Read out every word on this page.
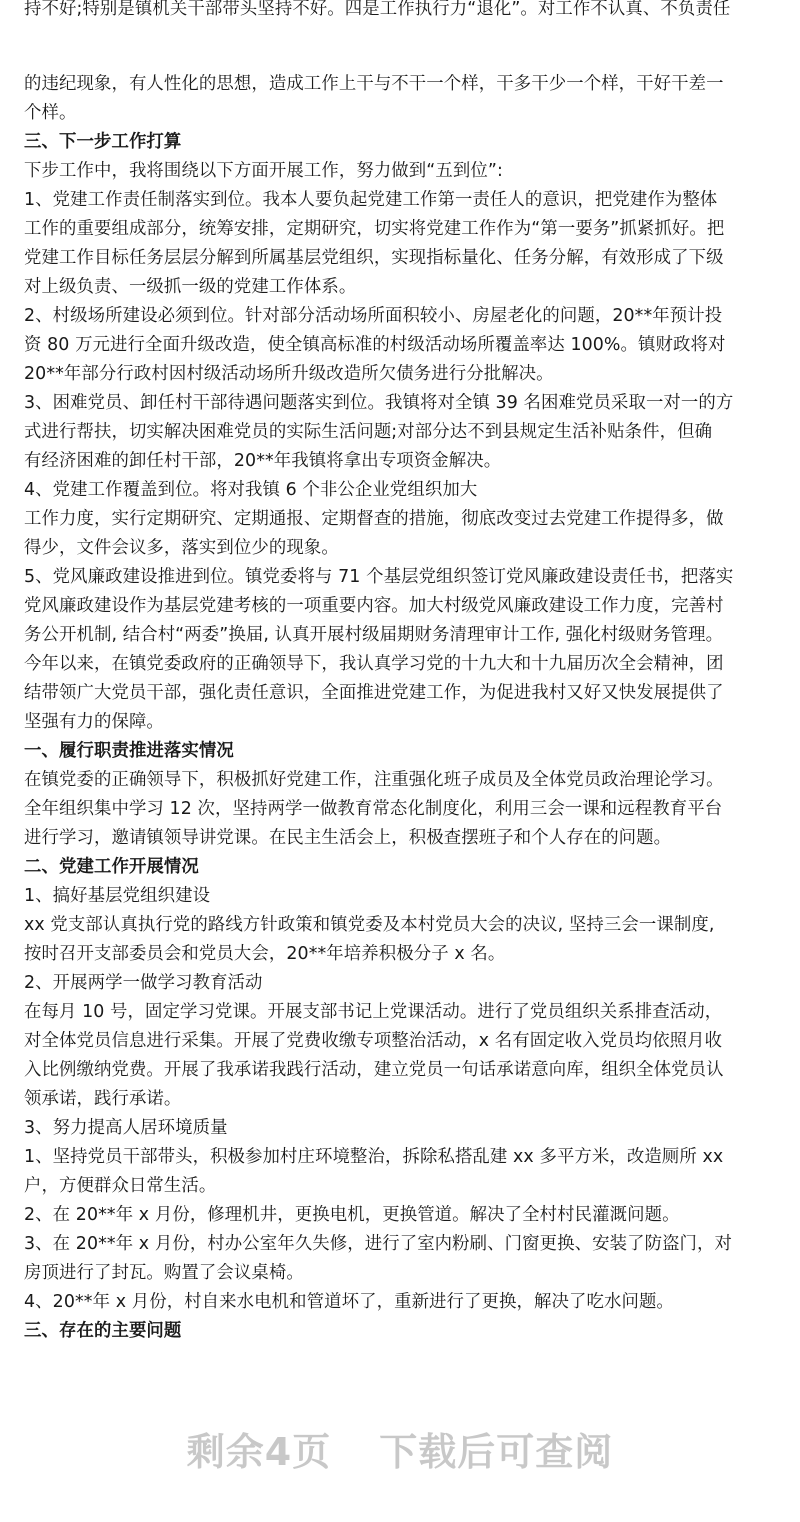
持不好;特别是镇机关干部带头坚持不好。四是工作执行力“退化”。对工作不认真、不负责任
的违纪现象，有人性化的思想，造成工作上干与不干一个样，干多干少一个样，干好干差一
个样。
三、下一步工作打算
下步工作中，我将围绕以下方面开展工作，努力做到“五到位”:
1、党建工作责任制落实到位。我本人要负起党建工作第一责任人的意识，把党建作为整体
工作的重要组成部分，统筹安排，定期研究，切实将党建工作作为“第一要务”抓紧抓好。把
党建工作目标任务层层分解到所属基层党组织，实现指标量化、任务分解，有效形成了下级
对上级负责、一级抓一级的党建工作体系。
2、村级场所建设必须到位。针对部分活动场所面积较小、房屋老化的问题，20**年预计投
资 80 万元进行全面升级改造，使全镇高标准的村级活动场所覆盖率达 100%。镇财政将对
20**年部分行政村因村级活动场所升级改造所欠债务进行分批解决。
3、困难党员、卸任村干部待遇问题落实到位。我镇将对全镇 39 名困难党员采取一对一的方
式进行帮扶，切实解决困难党员的实际生活问题;对部分达不到县规定生活补贴条件，但确
有经济困难的卸任村干部，20**年我镇将拿出专项资金解决。
4、党建工作覆盖到位。将对我镇 6 个非公企业党组织加大
工作力度，实行定期研究、定期通报、定期督查的措施，彻底改变过去党建工作提得多，做
得少，文件会议多，落实到位少的现象。
5、党风廉政建设推进到位。镇党委将与 71 个基层党组织签订党风廉政建设责任书，把落实
党风廉政建设作为基层党建考核的一项重要内容。加大村级党风廉政建设工作力度，完善村
务公开机制, 结合村“两委”换届, 认真开展村级届期财务清理审计工作, 强化村级财务管理。
今年以来，在镇党委政府的正确领导下，我认真学习党的十九大和十九届历次全会精神，团
结带领广大党员干部，强化责任意识，全面推进党建工作，为促进我村又好又快发展提供了
坚强有力的保障。
一、履行职责推进落实情况
在镇党委的正确领导下，积极抓好党建工作，注重强化班子成员及全体党员政治理论学习。
全年组织集中学习 12 次，坚持两学一做教育常态化制度化，利用三会一课和远程教育平台
进行学习，邀请镇领导讲党课。在民主生活会上，积极查摆班子和个人存在的问题。
二、党建工作开展情况
1、搞好基层党组织建设
xx 党支部认真执行党的路线方针政策和镇党委及本村党员大会的决议, 坚持三会一课制度,
按时召开支部委员会和党员大会，20**年培养积极分子 x 名。
2、开展两学一做学习教育活动
在每月 10 号，固定学习党课。开展支部书记上党课活动。进行了党员组织关系排查活动，
对全体党员信息进行采集。开展了党费收缴专项整治活动，x 名有固定收入党员均依照月收
入比例缴纳党费。开展了我承诺我践行活动，建立党员一句话承诺意向库，组织全体党员认
领承诺，践行承诺。
3、努力提高人居环境质量
1、坚持党员干部带头，积极参加村庄环境整治，拆除私搭乱建 xx 多平方米，改造厕所 xx
户，方便群众日常生活。
2、在 20**年 x 月份，修理机井，更换电机，更换管道。解决了全村村民灌溉问题。
3、在 20**年 x 月份，村办公室年久失修，进行了室内粉刷、门窗更换、安装了防盗门，对
房顶进行了封瓦。购置了会议桌椅。
4、20**年 x 月份，村自来水电机和管道坏了，重新进行了更换，解决了吃水问题。
三、存在的主要问题
剩余4页 下载后可查阅
